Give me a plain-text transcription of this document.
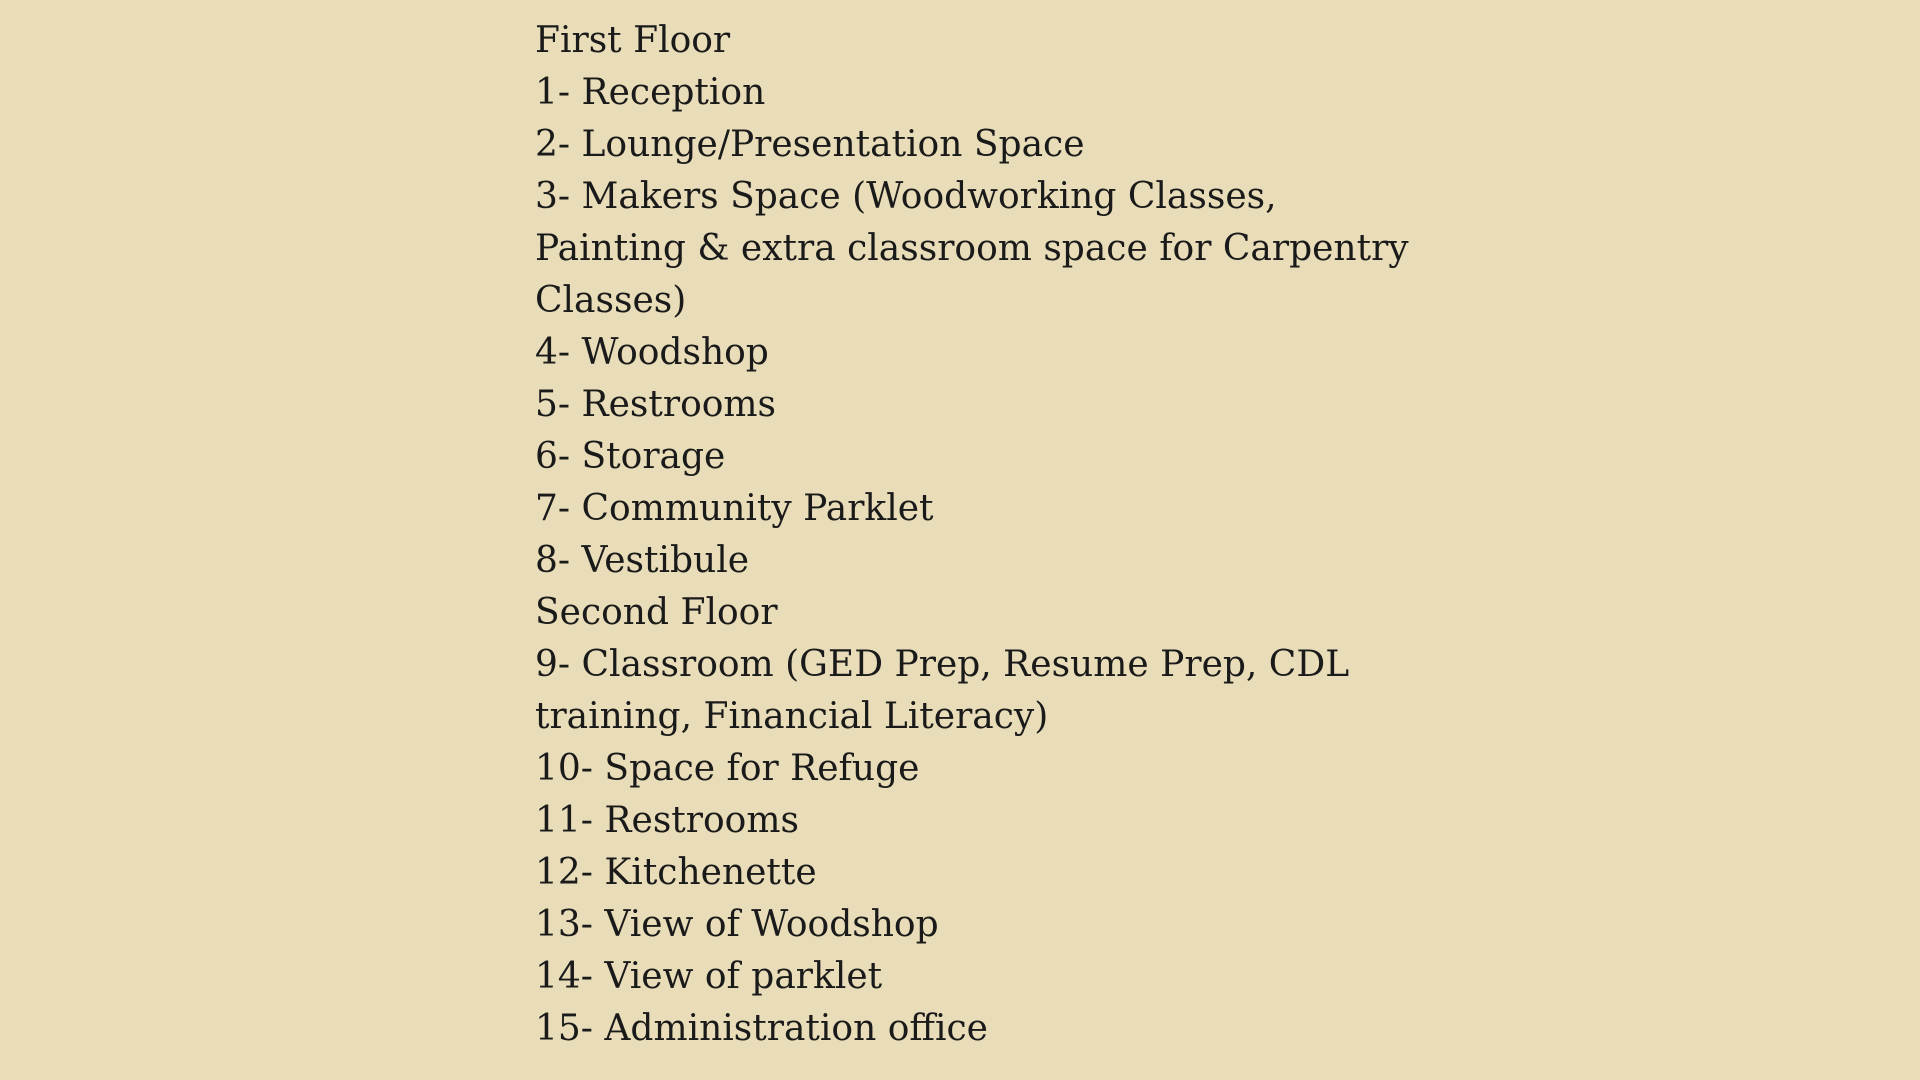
First Floor
1- Reception
2- Lounge/Presentation Space
3- Makers Space (Woodworking Classes,
Painting & extra classroom space for Carpentry
Classes)
4- Woodshop
5- Restrooms
6- Storage
7- Community Parklet
8- Vestibule
Second Floor
9- Classroom (GED Prep, Resume Prep, CDL
training, Financial Literacy)
10- Space for Refuge
11- Restrooms
12- Kitchenette
13- View of Woodshop
14- View of parklet
15- Administration office
